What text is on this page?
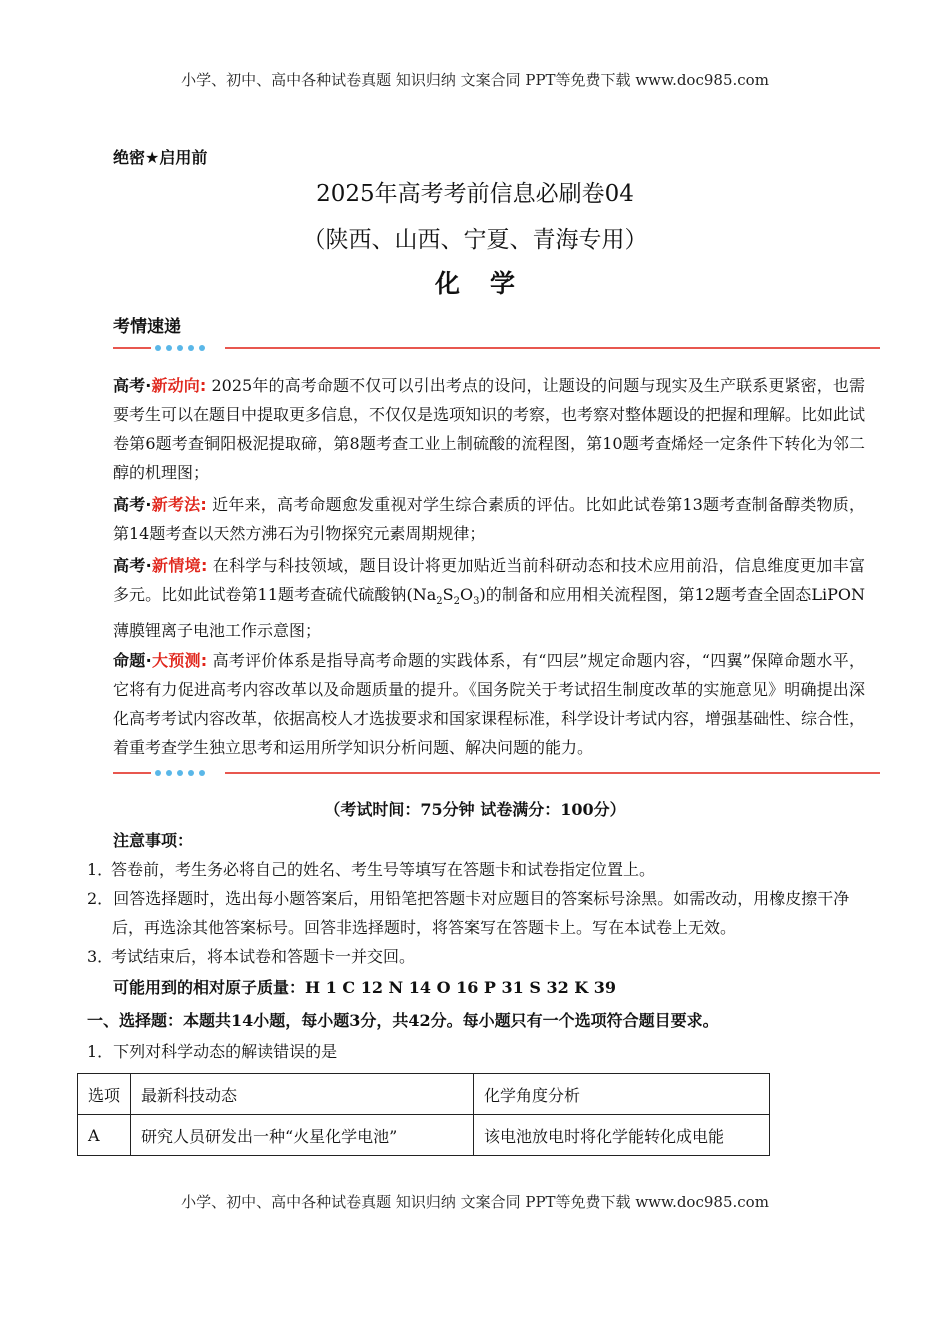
小学、初中、高中各种试卷真题 知识归纳 文案合同 PPT等免费下载 www.doc985.com
绝密★启用前
2025年高考考前信息必刷卷04
（陕西、山西、宁夏、青海专用）
化学
考情速递
高考·新动向: 2025年的高考命题不仅可以引出考点的设问，让题设的问题与现实及生产联系更紧密，也需要考生可以在题目中提取更多信息，不仅仅是选项知识的考察，也考察对整体题设的把握和理解。比如此试卷第6题考查铜阳极泥提取碲，第8题考查工业上制硫酸的流程图，第10题考查烯烃一定条件下转化为邻二醇的机理图；
高考·新考法: 近年来，高考命题愈发重视对学生综合素质的评估。比如此试卷第13题考查制备醇类物质，第14题考查以天然方沸石为引物探究元素周期规律；
高考·新情境: 在科学与科技领域，题目设计将更加贴近当前科研动态和技术应用前沿，信息维度更加丰富多元。比如此试卷第11题考查硫代硫酸钠$(Na_2S_2O_3)$的制备和应用相关流程图，第12题考查全固态LiPON薄膜锂离子电池工作示意图；
命题·大预测: 高考评价体系是指导高考命题的实践体系，有“四层”规定命题内容，“四翼”保障命题水平，它将有力促进高考内容改革以及命题质量的提升。《国务院关于考试招生制度改革的实施意见》明确提出深化高考考试内容改革，依据高校人才选拔要求和国家课程标准，科学设计考试内容，增强基础性、综合性，着重考查学生独立思考和运用所学知识分析问题、解决问题的能力。
（考试时间：75分钟 试卷满分：100分）
注意事项：
1．答卷前，考生务必将自己的姓名、考生号等填写在答题卡和试卷指定位置上。
2．回答选择题时，选出每小题答案后，用铅笔把答题卡对应题目的答案标号涂黑。如需改动，用橡皮擦干净后，再选涂其他答案标号。回答非选择题时，将答案写在答题卡上。写在本试卷上无效。
3．考试结束后，将本试卷和答题卡一并交回。
可能用到的相对原子质量：H 1 C 12 N 14 O 16 P 31 S 32 K 39
一、选择题：本题共14小题，每小题3分，共42分。每小题只有一个选项符合题目要求。
1．下列对科学动态的解读错误的是
选项	最新科技动态	化学角度分析
A	研究人员研发出一种“火星化学电池”	该电池放电时将化学能转化成电能
小学、初中、高中各种试卷真题 知识归纳 文案合同 PPT等免费下载 www.doc985.com
